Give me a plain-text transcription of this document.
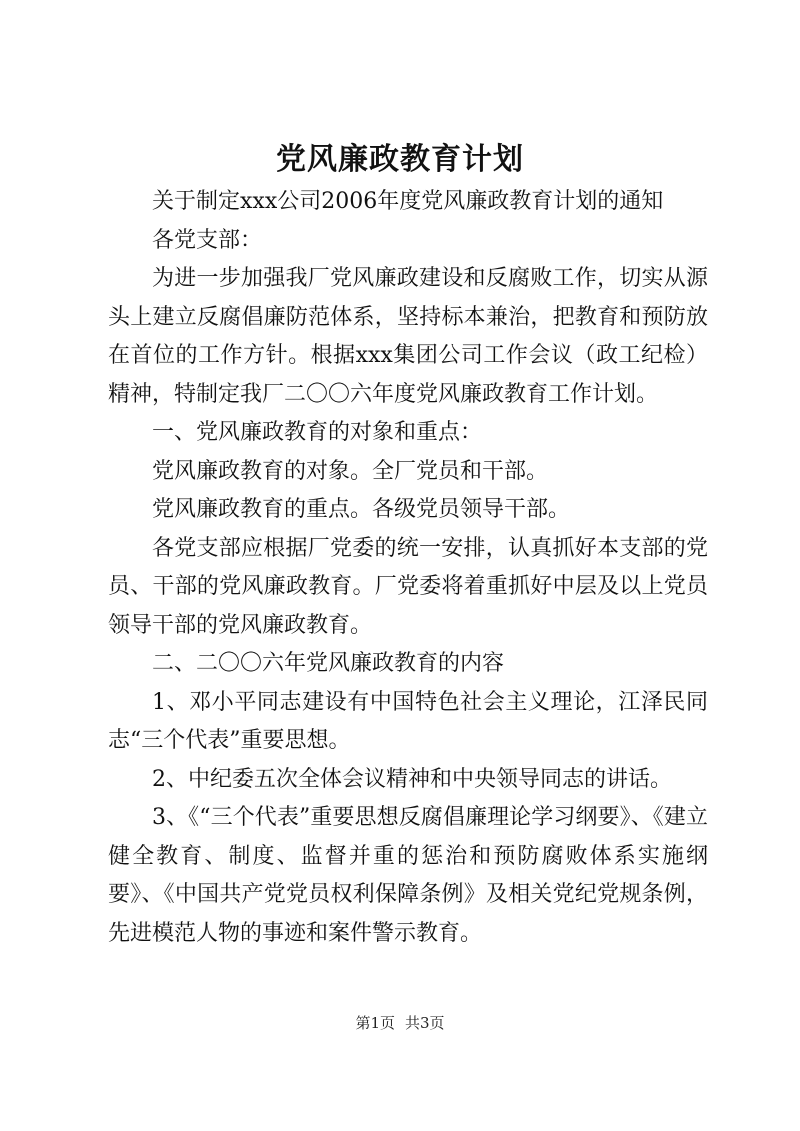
党风廉政教育计划

关于制定xxx公司2006年度党风廉政教育计划的通知

各党支部：

为进一步加强我厂党风廉政建设和反腐败工作，切实从源头上建立反腐倡廉防范体系，坚持标本兼治，把教育和预防放在首位的工作方针。根据xxx集团公司工作会议（政工纪检）精神，特制定我厂二〇〇六年度党风廉政教育工作计划。

一、党风廉政教育的对象和重点：

党风廉政教育的对象。全厂党员和干部。

党风廉政教育的重点。各级党员领导干部。

各党支部应根据厂党委的统一安排，认真抓好本支部的党员、干部的党风廉政教育。厂党委将着重抓好中层及以上党员领导干部的党风廉政教育。

二、二〇〇六年党风廉政教育的内容

1、邓小平同志建设有中国特色社会主义理论，江泽民同志“三个代表”重要思想。

2、中纪委五次全体会议精神和中央领导同志的讲话。

3、《“三个代表”重要思想反腐倡廉理论学习纲要》、《建立健全教育、制度、监督并重的惩治和预防腐败体系实施纲要》、《中国共产党党员权利保障条例》及相关党纪党规条例，先进模范人物的事迹和案件警示教育。

第1页 共3页
